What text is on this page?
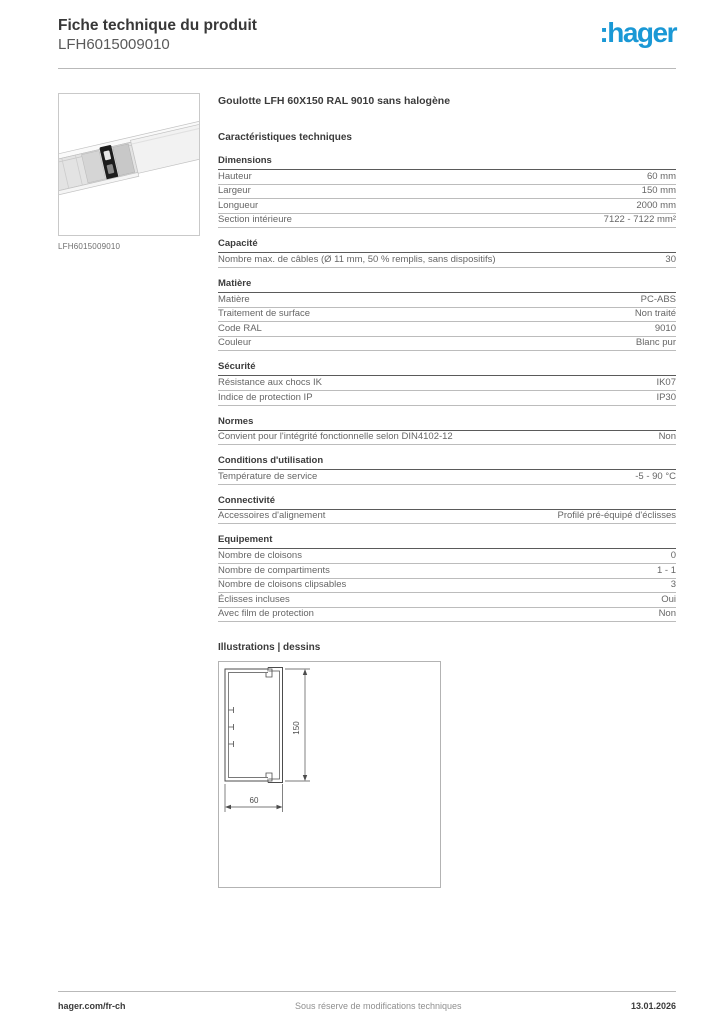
Fiche technique du produit
LFH6015009010	:hager
LFH6015009010
Goulotte LFH 60X150 RAL 9010 sans halogène
Caractéristiques techniques
Dimensions
Hauteur	60 mm
Largeur	150 mm
Longueur	2000 mm
Section intérieure	7122 - 7122 mm²
Capacité
Nombre max. de câbles (Ø 11 mm, 50 % remplis, sans dispositifs)	30
Matière
Matière	PC-ABS
Traitement de surface	Non traité
Code RAL	9010
Couleur	Blanc pur
Sécurité
Résistance aux chocs IK	IK07
Indice de protection IP	IP30
Normes
Convient pour l'intégrité fonctionnelle selon DIN4102-12	Non
Conditions d'utilisation
Température de service	-5 - 90 °C
Connectivité
Accessoires d'alignement	Profilé pré-équipé d'éclisses
Equipement
Nombre de cloisons	0
Nombre de compartiments	1 - 1
Nombre de cloisons clipsables	3
Éclisses incluses	Oui
Avec film de protection	Non
Illustrations | dessins
150
60
hager.com/fr-ch	Sous réserve de modifications techniques	13.01.2026
